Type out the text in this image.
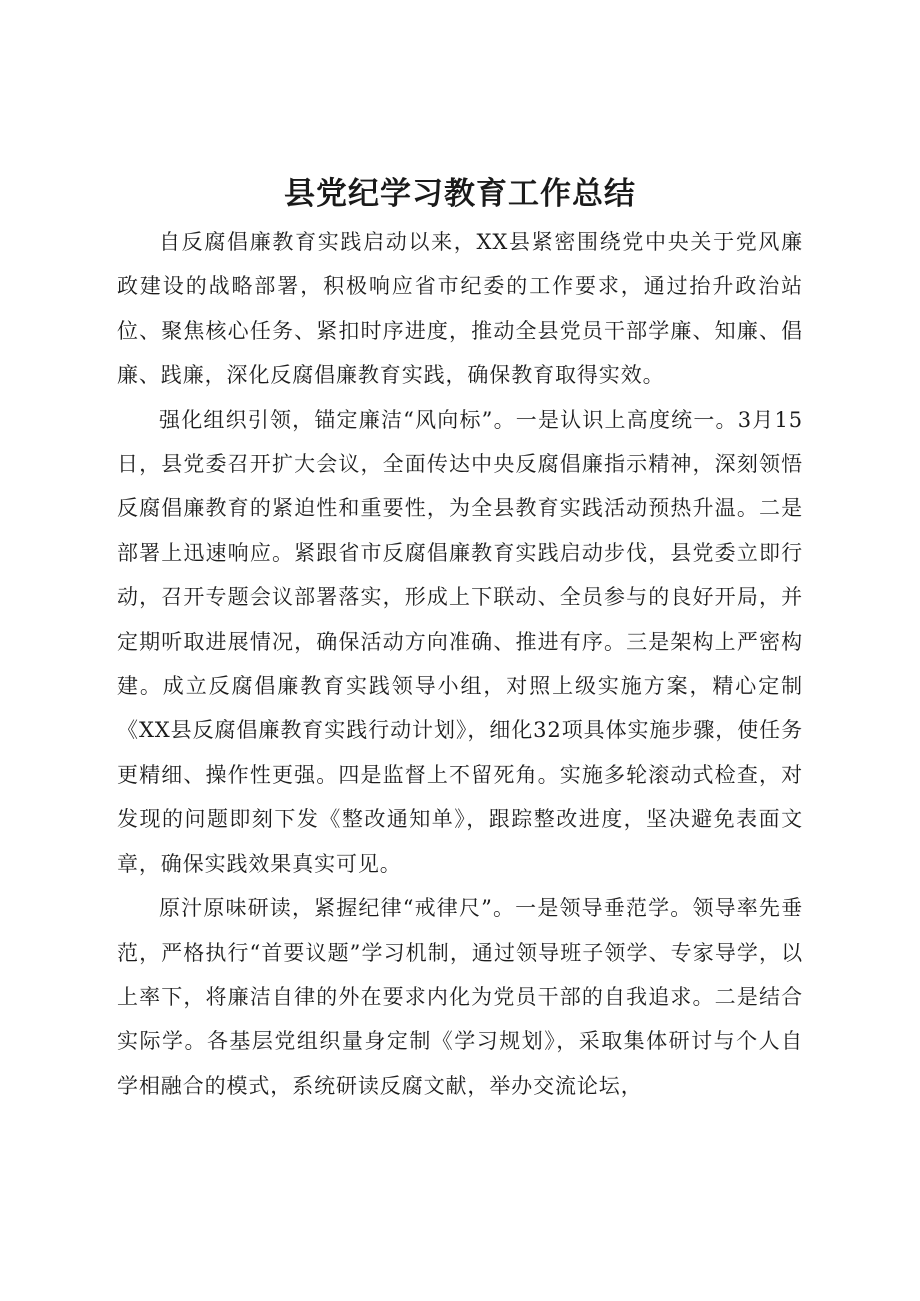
县党纪学习教育工作总结

自反腐倡廉教育实践启动以来，XX县紧密围绕党中央关于党风廉政建设的战略部署，积极响应省市纪委的工作要求，通过抬升政治站位、聚焦核心任务、紧扣时序进度，推动全县党员干部学廉、知廉、倡廉、践廉，深化反腐倡廉教育实践，确保教育取得实效。

强化组织引领，锚定廉洁“风向标”。一是认识上高度统一。3月15日，县党委召开扩大会议，全面传达中央反腐倡廉指示精神，深刻领悟反腐倡廉教育的紧迫性和重要性，为全县教育实践活动预热升温。二是部署上迅速响应。紧跟省市反腐倡廉教育实践启动步伐，县党委立即行动，召开专题会议部署落实，形成上下联动、全员参与的良好开局，并定期听取进展情况，确保活动方向准确、推进有序。三是架构上严密构建。成立反腐倡廉教育实践领导小组，对照上级实施方案，精心定制《XX县反腐倡廉教育实践行动计划》，细化32项具体实施步骤，使任务更精细、操作性更强。四是监督上不留死角。实施多轮滚动式检查，对发现的问题即刻下发《整改通知单》，跟踪整改进度，坚决避免表面文章，确保实践效果真实可见。

原汁原味研读，紧握纪律“戒律尺”。一是领导垂范学。领导率先垂范，严格执行“首要议题”学习机制，通过领导班子领学、专家导学，以上率下，将廉洁自律的外在要求内化为党员干部的自我追求。二是结合实际学。各基层党组织量身定制《学习规划》，采取集体研讨与个人自学相融合的模式，系统研读反腐文献，举办交流论坛，
